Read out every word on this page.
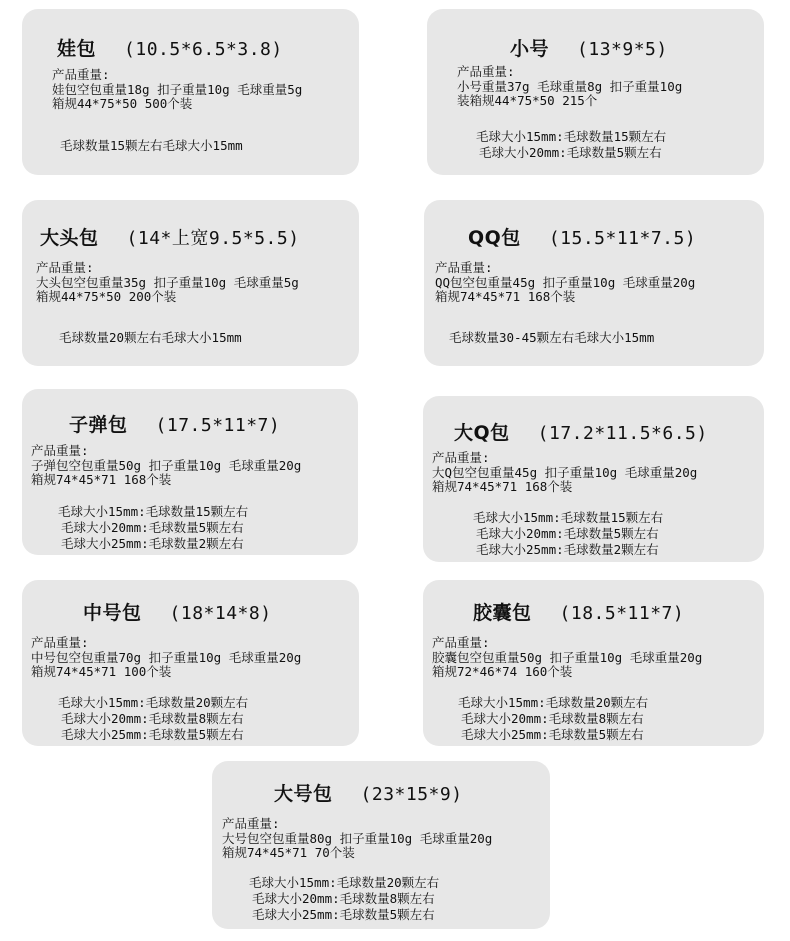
娃包 (10.5*6.5*3.8)
产品重量:
娃包空包重量18g 扣子重量10g 毛球重量5g
箱规44*75*50 500个装
毛球数量15颗左右毛球大小15mm
小号 (13*9*5)
产品重量:
小号重量37g 毛球重量8g 扣子重量10g
装箱规44*75*50 215个
毛球大小15mm:毛球数量15颗左右
毛球大小20mm:毛球数量5颗左右
大头包 (14*上宽9.5*5.5)
产品重量:
大头包空包重量35g 扣子重量10g 毛球重量5g
箱规44*75*50 200个装
毛球数量20颗左右毛球大小15mm
QQ包 (15.5*11*7.5)
产品重量:
QQ包空包重量45g 扣子重量10g 毛球重量20g
箱规74*45*71 168个装
毛球数量30-45颗左右毛球大小15mm
子弹包 (17.5*11*7)
产品重量:
子弹包空包重量50g 扣子重量10g 毛球重量20g
箱规74*45*71 168个装
毛球大小15mm:毛球数量15颗左右
毛球大小20mm:毛球数量5颗左右
毛球大小25mm:毛球数量2颗左右
大Q包 (17.2*11.5*6.5)
产品重量:
大Q包空包重量45g 扣子重量10g 毛球重量20g
箱规74*45*71 168个装
毛球大小15mm:毛球数量15颗左右
毛球大小20mm:毛球数量5颗左右
毛球大小25mm:毛球数量2颗左右
中号包 (18*14*8)
产品重量:
中号包空包重量70g 扣子重量10g 毛球重量20g
箱规74*45*71 100个装
毛球大小15mm:毛球数量20颗左右
毛球大小20mm:毛球数量8颗左右
毛球大小25mm:毛球数量5颗左右
胶囊包 (18.5*11*7)
产品重量:
胶囊包空包重量50g 扣子重量10g 毛球重量20g
箱规72*46*74 160个装
毛球大小15mm:毛球数量20颗左右
毛球大小20mm:毛球数量8颗左右
毛球大小25mm:毛球数量5颗左右
大号包 (23*15*9)
产品重量:
大号包空包重量80g 扣子重量10g 毛球重量20g
箱规74*45*71 70个装
毛球大小15mm:毛球数量20颗左右
毛球大小20mm:毛球数量8颗左右
毛球大小25mm:毛球数量5颗左右
